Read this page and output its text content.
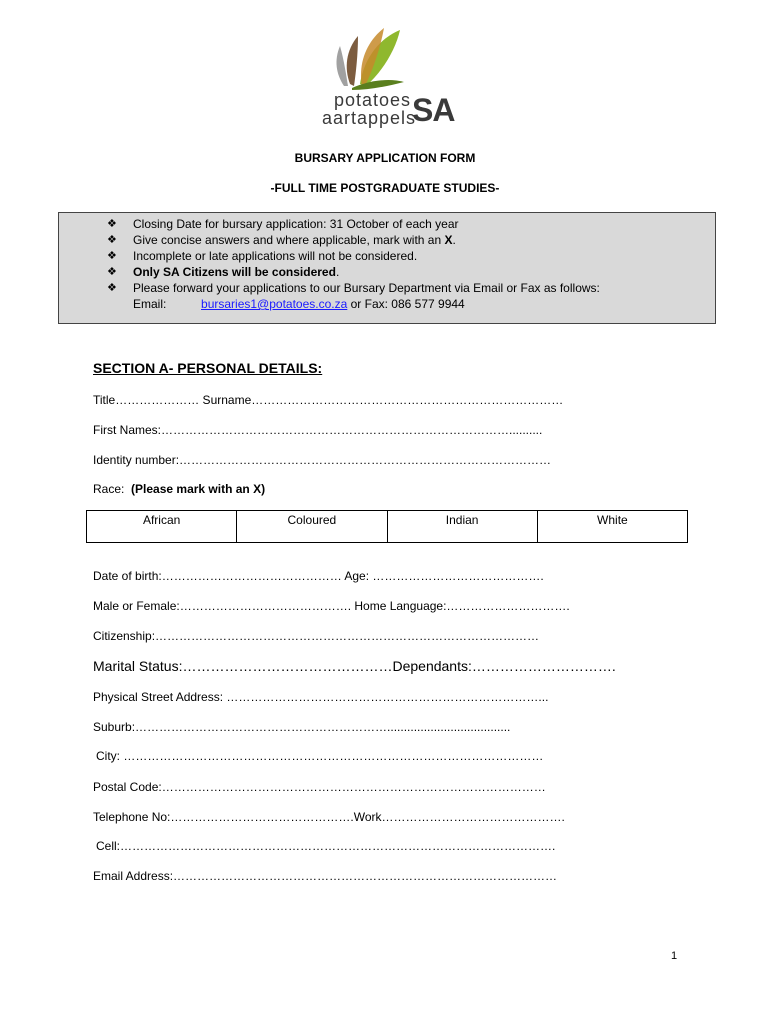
potatoes
aartappels
SA
BURSARY APPLICATION FORM
-FULL TIME POSTGRADUATE STUDIES-
❖ Closing Date for bursary application: 31 October of each year
❖ Give concise answers and where applicable, mark with an X.
❖ Incomplete or late applications will not be considered.
❖ Only SA Citizens will be considered.
❖ Please forward your applications to our Bursary Department via Email or Fax as follows:
Email:	bursaries1@potatoes.co.za or Fax: 086 577 9944
SECTION A- PERSONAL DETAILS:
Title………………… Surname……………………………………………………………………
First Names:……………………………………………………………………………..........
Identity number:…………………………………………………………………………………
Race: (Please mark with an X)
African	Coloured	Indian	White
Date of birth:……………………………………… Age: …………………………………….
Male or Female:……………………………………. Home Language:………………………….
Citizenship:……………………………………………………………………………………
Marital Status:………………………………………Dependants:………………………….
Physical Street Address: ……………………………………………………………………...
Suburb:……………………………………………………….....................................
City: ……………………………………………………………………………………………
Postal Code:……………………………………………………………………………………
Telephone No:……………………………………….Work……………………………………….
Cell:……………………………………………………………………………………………….
Email Address:……………………………………………………………………………………
1
